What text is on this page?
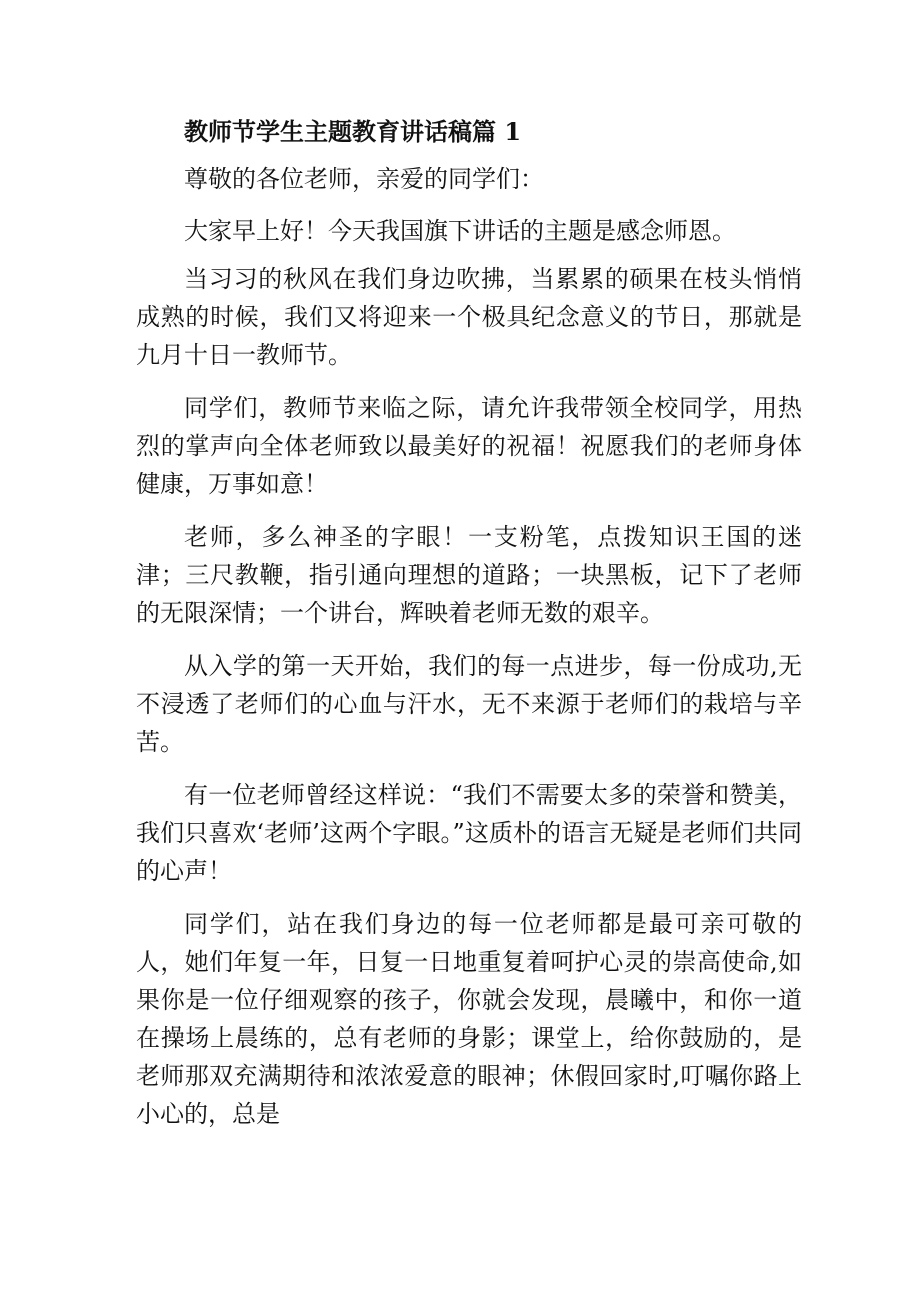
教师节学生主题教育讲话稿篇 1

尊敬的各位老师，亲爱的同学们：

大家早上好！今天我国旗下讲话的主题是感念师恩。

当习习的秋风在我们身边吹拂，当累累的硕果在枝头悄悄成熟的时候，我们又将迎来一个极具纪念意义的节日，那就是九月十日一教师节。

同学们，教师节来临之际，请允许我带领全校同学，用热烈的掌声向全体老师致以最美好的祝福！祝愿我们的老师身体健康，万事如意！

老师，多么神圣的字眼！一支粉笔，点拨知识王国的迷津；三尺教鞭，指引通向理想的道路；一块黑板，记下了老师的无限深情；一个讲台，辉映着老师无数的艰辛。

从入学的第一天开始，我们的每一点进步，每一份成功,无不浸透了老师们的心血与汗水，无不来源于老师们的栽培与辛苦。

有一位老师曾经这样说：“我们不需要太多的荣誉和赞美，我们只喜欢‘老师’这两个字眼。”这质朴的语言无疑是老师们共同的心声！

同学们，站在我们身边的每一位老师都是最可亲可敬的人，她们年复一年，日复一日地重复着呵护心灵的崇高使命,如果你是一位仔细观察的孩子，你就会发现，晨曦中，和你一道在操场上晨练的，总有老师的身影；课堂上，给你鼓励的，是老师那双充满期待和浓浓爱意的眼神；休假回家时,叮嘱你路上小心的，总是
